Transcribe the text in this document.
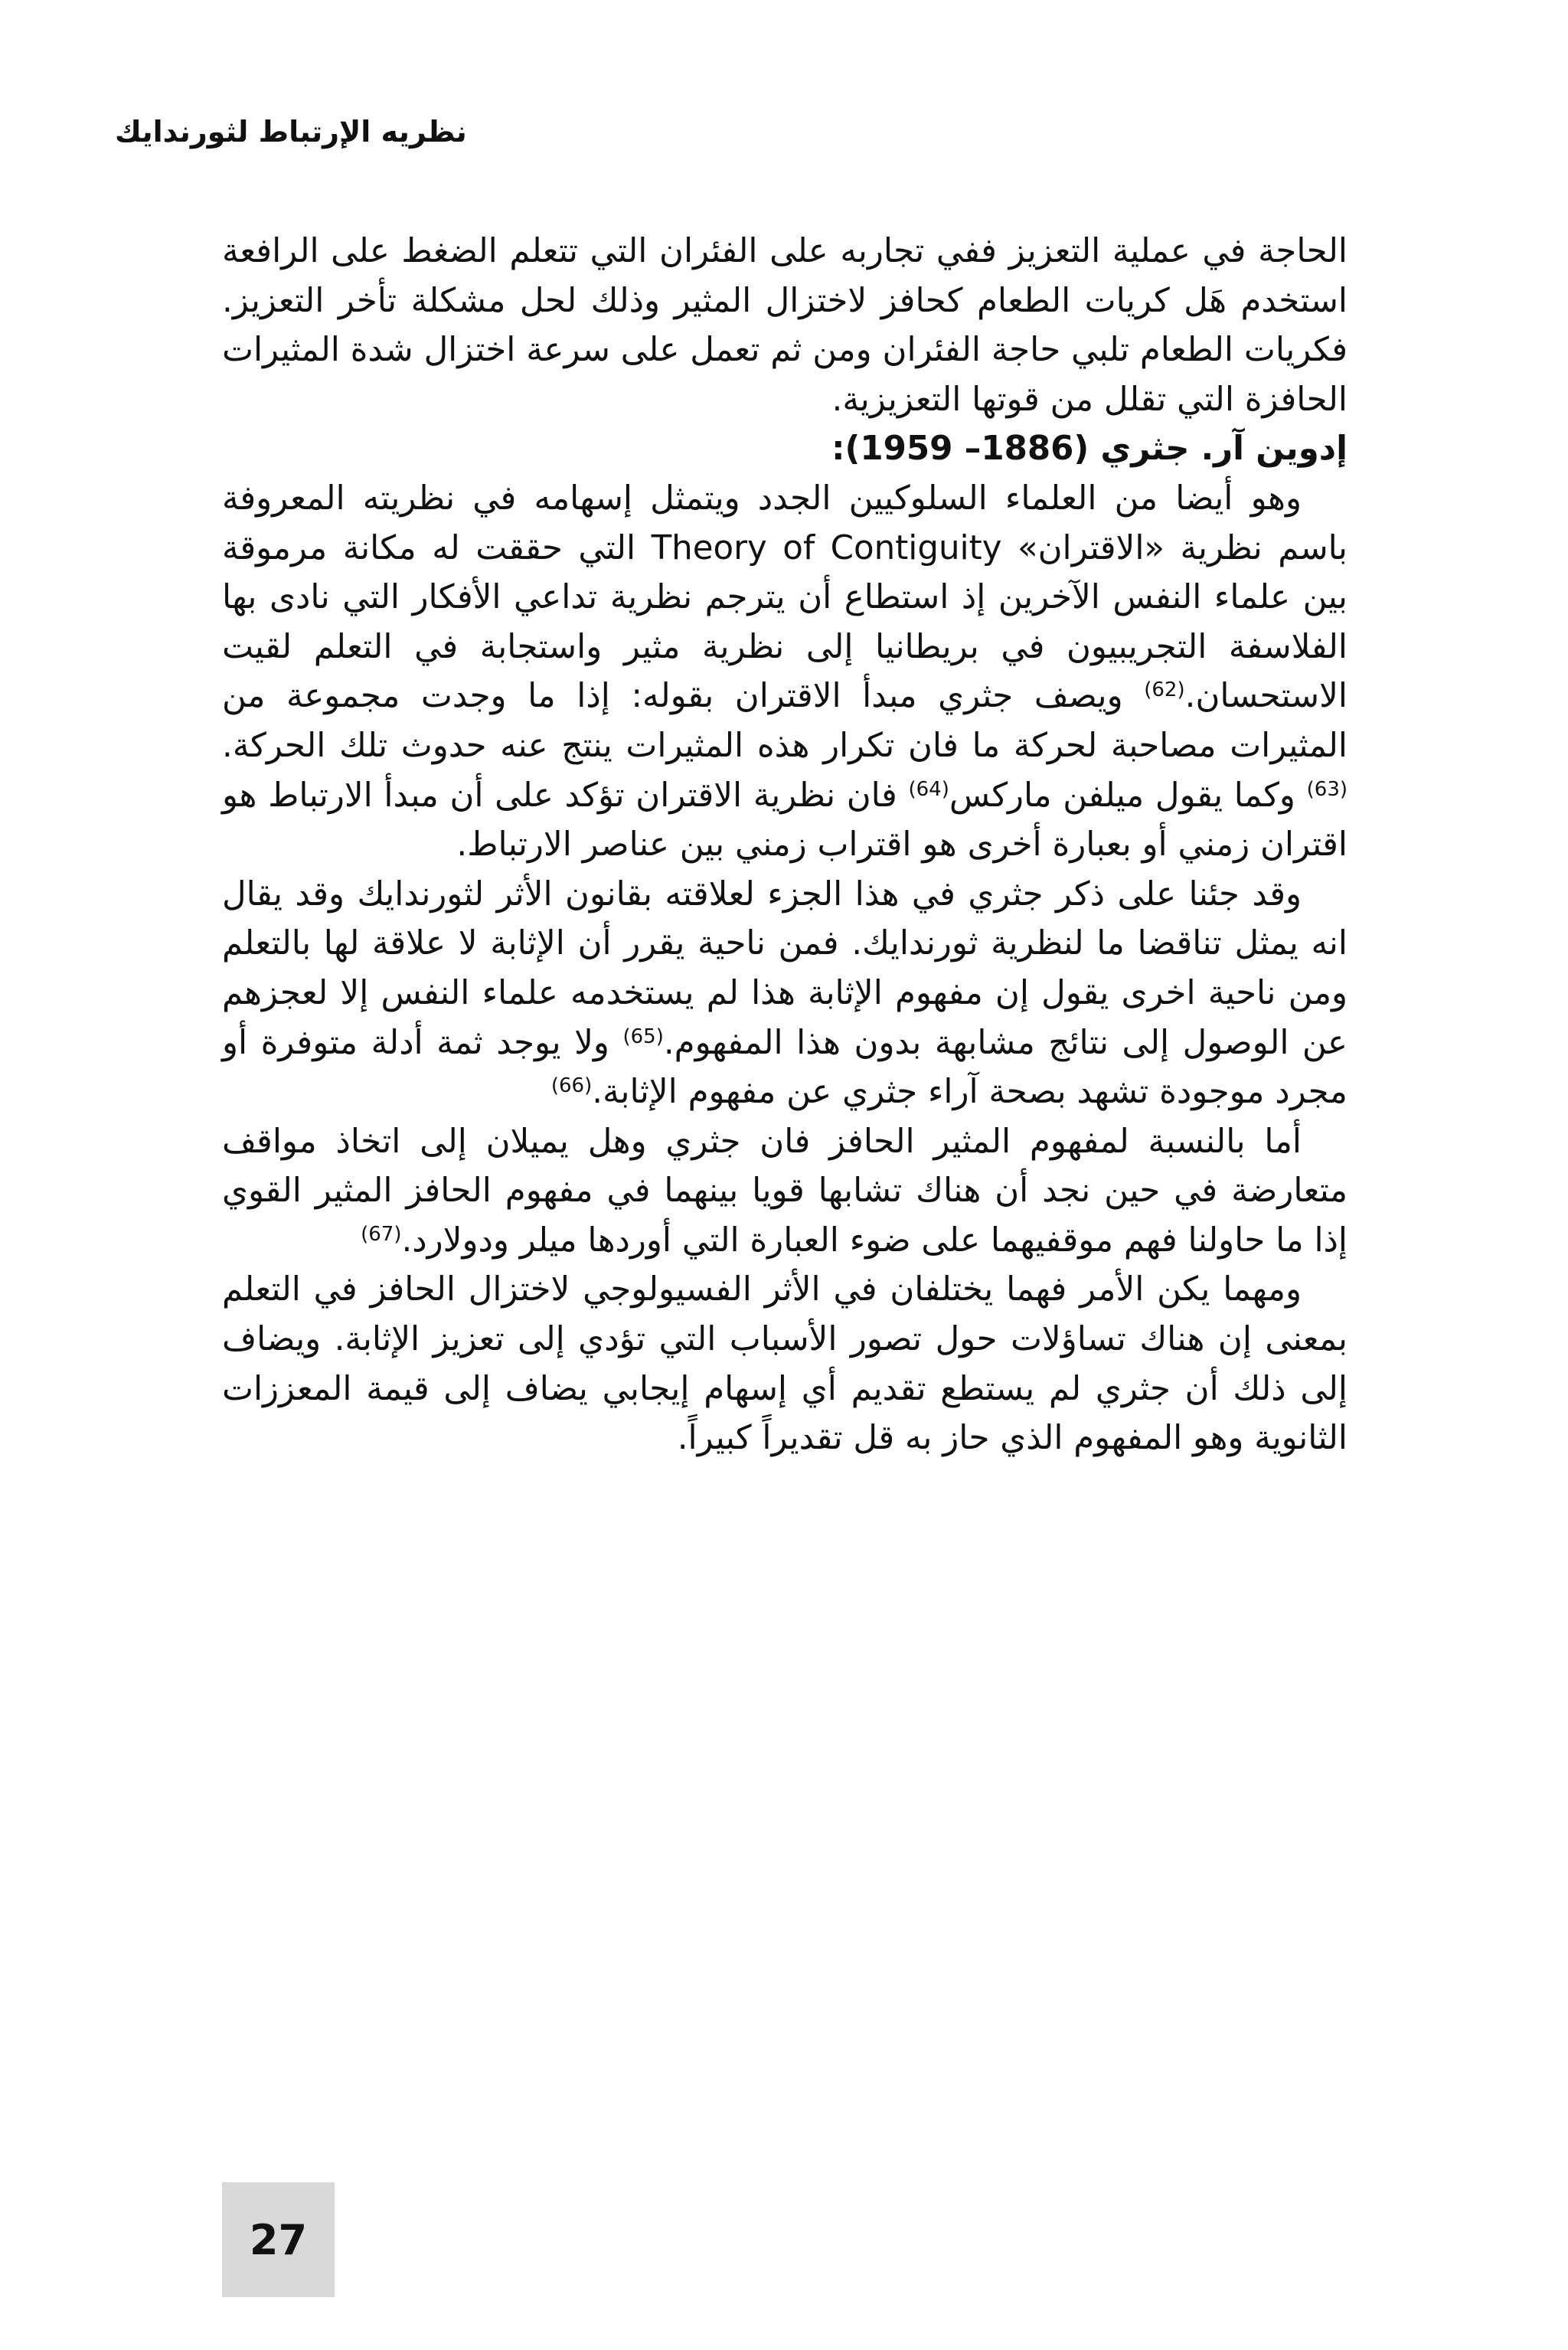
نظريه الإرتباط لثورندايك

الحاجة في عملية التعزيز ففي تجاربه على الفئران التي تتعلم الضغط على الرافعة استخدم هَل كريات الطعام كحافز لاختزال المثير وذلك لحل مشكلة تأخر التعزيز. فكريات الطعام تلبي حاجة الفئران ومن ثم تعمل على سرعة اختزال شدة المثيرات الحافزة التي تقلل من قوتها التعزيزية.

إدوين آر. جثري (1886– 1959):

وهو أيضا من العلماء السلوكيين الجدد ويتمثل إسهامه في نظريته المعروفة باسم نظرية «الاقتران» Theory of Contiguity التي حققت له مكانة مرموقة بين علماء النفس الآخرين إذ استطاع أن يترجم نظرية تداعي الأفكار التي نادى بها الفلاسفة التجريبيون في بريطانيا إلى نظرية مثير واستجابة في التعلم لقيت الاستحسان.$^{(62)}$ ويصف جثري مبدأ الاقتران بقوله: إذا ما وجدت مجموعة من المثيرات مصاحبة لحركة ما فان تكرار هذه المثيرات ينتج عنه حدوث تلك الحركة.$^{(63)}$ وكما يقول ميلفن ماركس$^{(64)}$ فان نظرية الاقتران تؤكد على أن مبدأ الارتباط هو اقتران زمني أو بعبارة أخرى هو اقتراب زمني بين عناصر الارتباط.

وقد جئنا على ذكر جثري في هذا الجزء لعلاقته بقانون الأثر لثورندايك وقد يقال انه يمثل تناقضا ما لنظرية ثورندايك. فمن ناحية يقرر أن الإثابة لا علاقة لها بالتعلم ومن ناحية اخرى يقول إن مفهوم الإثابة هذا لم يستخدمه علماء النفس إلا لعجزهم عن الوصول إلى نتائج مشابهة بدون هذا المفهوم.$^{(65)}$ ولا يوجد ثمة أدلة متوفرة أو مجرد موجودة تشهد بصحة آراء جثري عن مفهوم الإثابة.$^{(66)}$

أما بالنسبة لمفهوم المثير الحافز فان جثري وهل يميلان إلى اتخاذ مواقف متعارضة في حين نجد أن هناك تشابها قويا بينهما في مفهوم الحافز المثير القوي إذا ما حاولنا فهم موقفيهما على ضوء العبارة التي أوردها ميلر ودولارد.$^{(67)}$

ومهما يكن الأمر فهما يختلفان في الأثر الفسيولوجي لاختزال الحافز في التعلم بمعنى إن هناك تساؤلات حول تصور الأسباب التي تؤدي إلى تعزيز الإثابة. ويضاف إلى ذلك أن جثري لم يستطع تقديم أي إسهام إيجابي يضاف إلى قيمة المعززات الثانوية وهو المفهوم الذي حاز به قل تقديراً كبيراً.

27
